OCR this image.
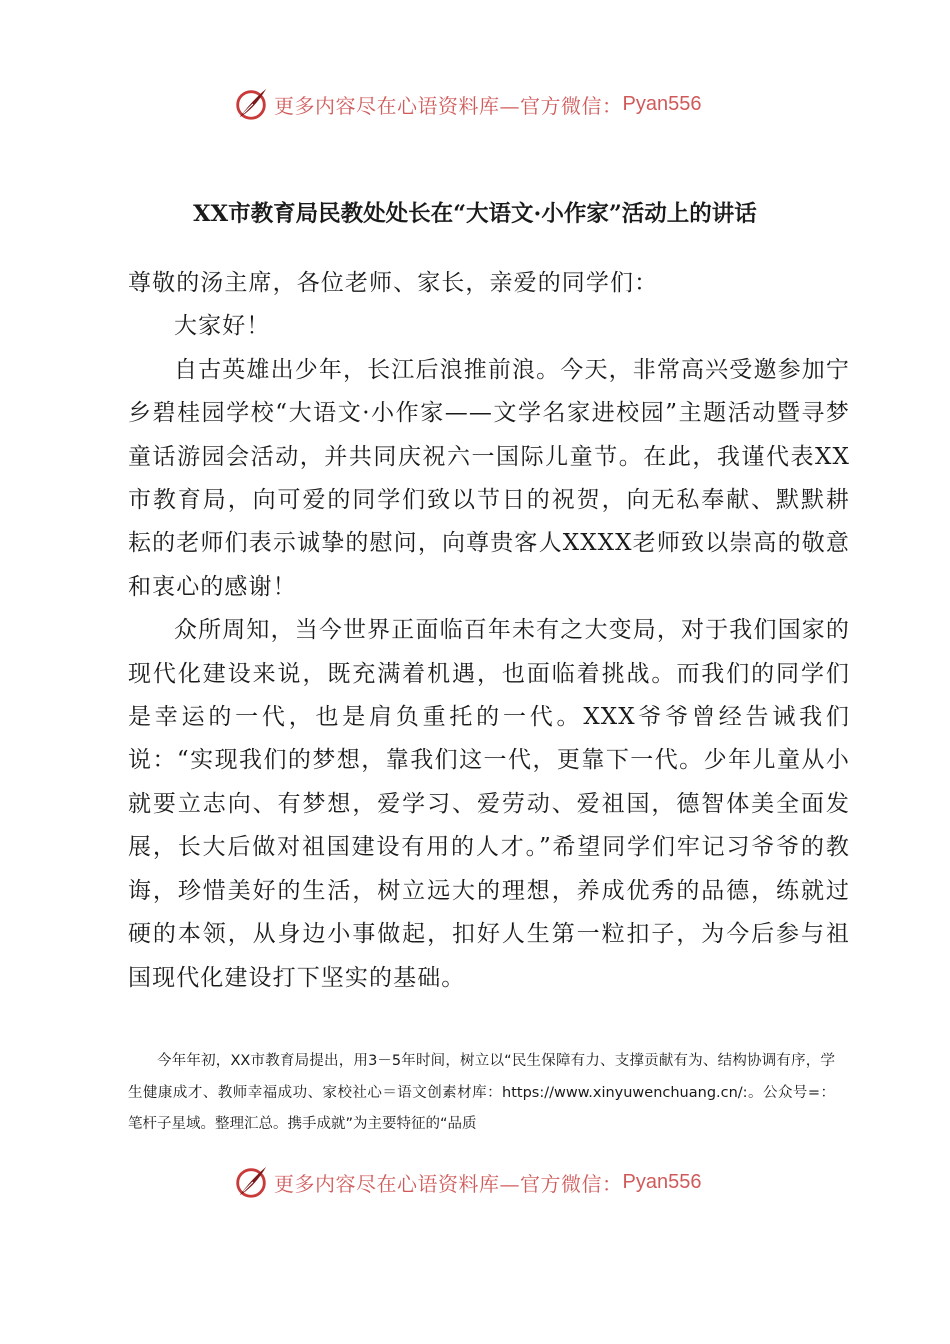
更多内容尽在心语资料库—官方微信： Pyan556
XX市教育局民教处处长在“大语文·小作家”活动上的讲话

尊敬的汤主席，各位老师、家长，亲爱的同学们：

大家好！

自古英雄出少年，长江后浪推前浪。今天，非常高兴受邀参加宁乡碧桂园学校“大语文·小作家——文学名家进校园”主题活动暨寻梦童话游园会活动，并共同庆祝六一国际儿童节。在此，我谨代表XX市教育局，向可爱的同学们致以节日的祝贺，向无私奉献、默默耕耘的老师们表示诚挚的慰问，向尊贵客人XXXX老师致以崇高的敬意和衷心的感谢！

众所周知，当今世界正面临百年未有之大变局，对于我们国家的现代化建设来说，既充满着机遇，也面临着挑战。而我们的同学们是幸运的一代，也是肩负重托的一代。XXX爷爷曾经告诫我们说：“实现我们的梦想，靠我们这一代，更靠下一代。少年儿童从小就要立志向、有梦想，爱学习、爱劳动、爱祖国，德智体美全面发展，长大后做对祖国建设有用的人才。”希望同学们牢记习爷爷的教诲，珍惜美好的生活，树立远大的理想，养成优秀的品德，练就过硬的本领，从身边小事做起，扣好人生第一粒扣子，为今后参与祖国现代化建设打下坚实的基础。

今年年初，XX市教育局提出，用3－5年时间，树立以“民生保障有力、支撑贡献有为、结构协调有序，学生健康成才、教师幸福成功、家校社心＝语文创素材库：https://www.xinyuwenchuang.cn/:。公众号=：笔杆子星域。整理汇总。携手成就”为主要特征的“品质

更多内容尽在心语资料库—官方微信： Pyan556
